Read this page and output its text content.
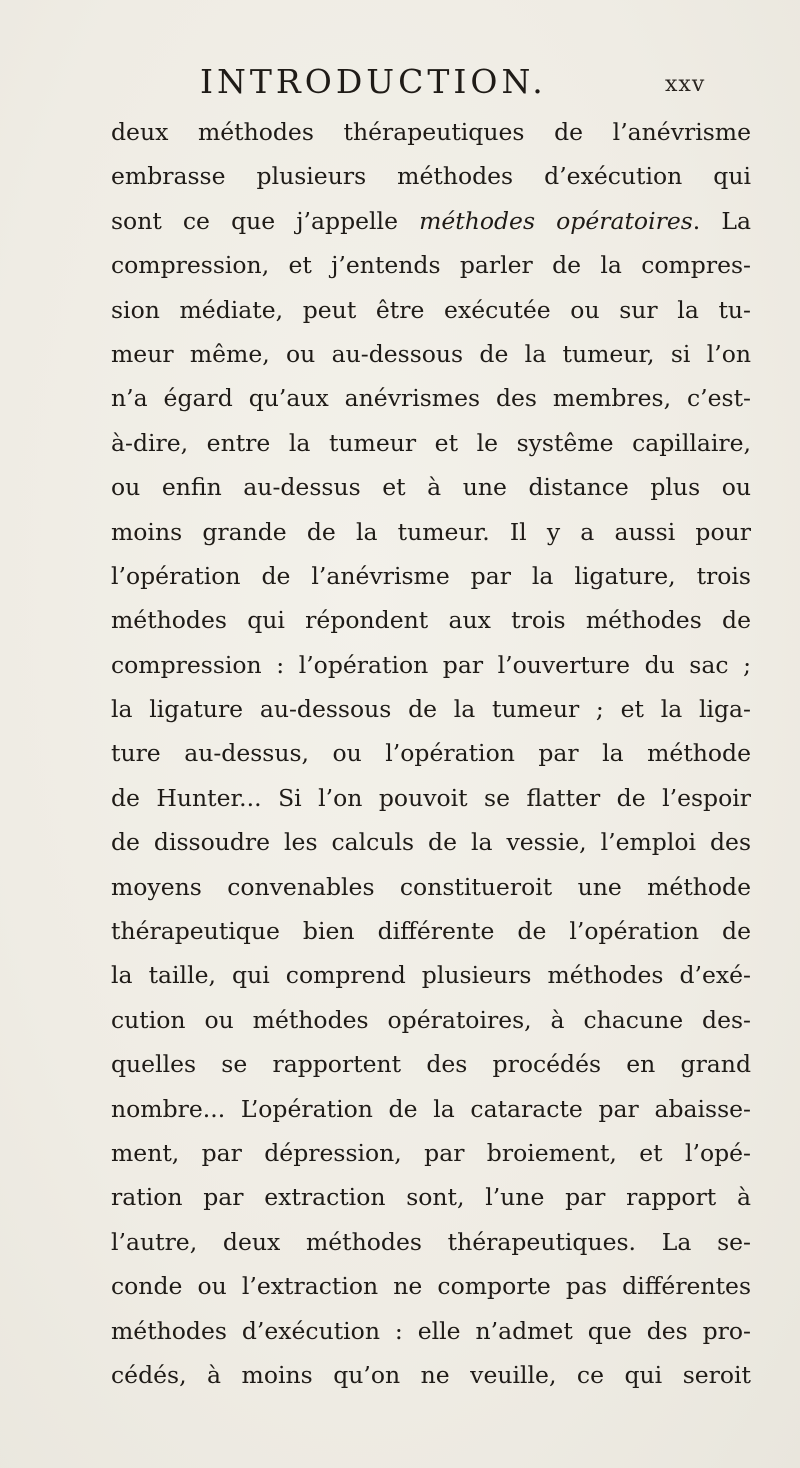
INTRODUCTION.	xxv
deux méthodes thérapeutiques de l’anévrisme
embrasse plusieurs méthodes d’exécution qui
sont ce que j’appelle méthodes opératoires. La
compression, et j’entends parler de la compres-
sion médiate, peut être exécutée ou sur la tu-
meur même, ou au-dessous de la tumeur, si l’on
n’a égard qu’aux anévrismes des membres, c’est-
à-dire, entre la tumeur et le systême capillaire,
ou enfin au-dessus et à une distance plus ou
moins grande de la tumeur. Il y a aussi pour
l’opération de l’anévrisme par la ligature, trois
méthodes qui répondent aux trois méthodes de
compression : l’opération par l’ouverture du sac ;
la ligature au-dessous de la tumeur ; et la liga-
ture au-dessus, ou l’opération par la méthode
de Hunter... Si l’on pouvoit se flatter de l’espoir
de dissoudre les calculs de la vessie, l’emploi des
moyens convenables constitueroit une méthode
thérapeutique bien différente de l’opération de
la taille, qui comprend plusieurs méthodes d’exé-
cution ou méthodes opératoires, à chacune des-
quelles se rapportent des procédés en grand
nombre... L’opération de la cataracte par abaisse-
ment, par dépression, par broiement, et l’opé-
ration par extraction sont, l’une par rapport à
l’autre, deux méthodes thérapeutiques. La se-
conde ou l’extraction ne comporte pas différentes
méthodes d’exécution : elle n’admet que des pro-
cédés, à moins qu’on ne veuille, ce qui seroit
